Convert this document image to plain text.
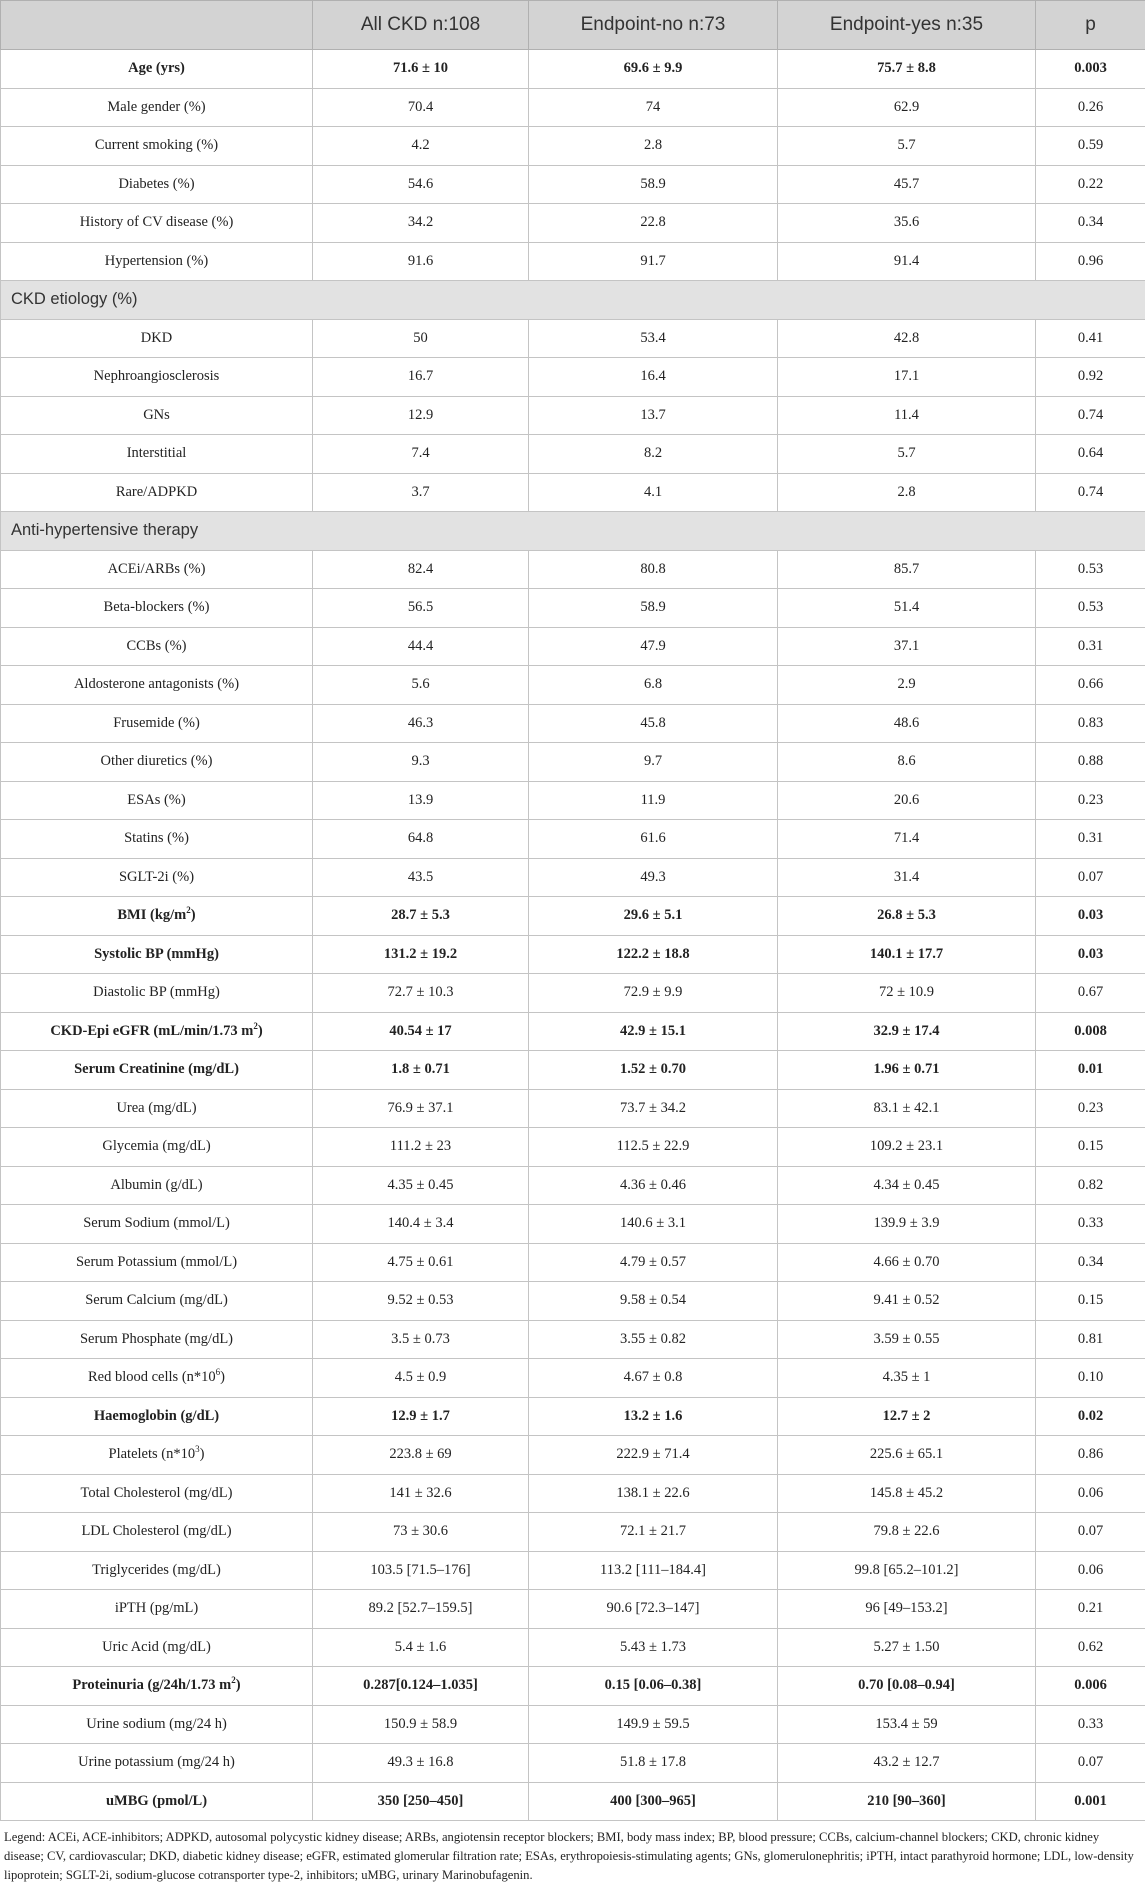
	All CKD n:108	Endpoint-no n:73	Endpoint-yes n:35	p
Age (yrs)	71.6 ± 10	69.6 ± 9.9	75.7 ± 8.8	0.003
Male gender (%)	70.4	74	62.9	0.26
Current smoking (%)	4.2	2.8	5.7	0.59
Diabetes (%)	54.6	58.9	45.7	0.22
History of CV disease (%)	34.2	22.8	35.6	0.34
Hypertension (%)	91.6	91.7	91.4	0.96
CKD etiology (%)				
DKD	50	53.4	42.8	0.41
Nephroangiosclerosis	16.7	16.4	17.1	0.92
GNs	12.9	13.7	11.4	0.74
Interstitial	7.4	8.2	5.7	0.64
Rare/ADPKD	3.7	4.1	2.8	0.74
Anti-hypertensive therapy				
ACEi/ARBs (%)	82.4	80.8	85.7	0.53
Beta-blockers (%)	56.5	58.9	51.4	0.53
CCBs (%)	44.4	47.9	37.1	0.31
Aldosterone antagonists (%)	5.6	6.8	2.9	0.66
Frusemide (%)	46.3	45.8	48.6	0.83
Other diuretics (%)	9.3	9.7	8.6	0.88
ESAs (%)	13.9	11.9	20.6	0.23
Statins (%)	64.8	61.6	71.4	0.31
SGLT-2i (%)	43.5	49.3	31.4	0.07
BMI $(kg/m^2)$	28.7 ± 5.3	29.6 ± 5.1	26.8 ± 5.3	0.03
Systolic BP (mmHg)	131.2 ± 19.2	122.2 ± 18.8	140.1 ± 17.7	0.03
Diastolic BP (mmHg)	72.7 ± 10.3	72.9 ± 9.9	72 ± 10.9	0.67
CKD-Epi eGFR (mL/min/1.73 $m^2$)	40.54 ± 17	42.9 ± 15.1	32.9 ± 17.4	0.008
Serum Creatinine (mg/dL)	1.8 ± 0.71	1.52 ± 0.70	1.96 ± 0.71	0.01
Urea (mg/dL)	76.9 ± 37.1	73.7 ± 34.2	83.1 ± 42.1	0.23
Glycemia (mg/dL)	111.2 ± 23	112.5 ± 22.9	109.2 ± 23.1	0.15
Albumin (g/dL)	4.35 ± 0.45	4.36 ± 0.46	4.34 ± 0.45	0.82
Serum Sodium (mmol/L)	140.4 ± 3.4	140.6 ± 3.1	139.9 ± 3.9	0.33
Serum Potassium (mmol/L)	4.75 ± 0.61	4.79 ± 0.57	4.66 ± 0.70	0.34
Serum Calcium (mg/dL)	9.52 ± 0.53	9.58 ± 0.54	9.41 ± 0.52	0.15
Serum Phosphate (mg/dL)	3.5 ± 0.73	3.55 ± 0.82	3.59 ± 0.55	0.81
Red blood cells $(n*10^6)$	4.5 ± 0.9	4.67 ± 0.8	4.35 ± 1	0.10
Haemoglobin (g/dL)	12.9 ± 1.7	13.2 ± 1.6	12.7 ± 2	0.02
Platelets $(n*10^3)$	223.8 ± 69	222.9 ± 71.4	225.6 ± 65.1	0.86
Total Cholesterol (mg/dL)	141 ± 32.6	138.1 ± 22.6	145.8 ± 45.2	0.06
LDL Cholesterol (mg/dL)	73 ± 30.6	72.1 ± 21.7	79.8 ± 22.6	0.07
Triglycerides (mg/dL)	103.5 [71.5–176]	113.2 [111–184.4]	99.8 [65.2–101.2]	0.06
iPTH (pg/mL)	89.2 [52.7–159.5]	90.6 [72.3–147]	96 [49–153.2]	0.21
Uric Acid (mg/dL)	5.4 ± 1.6	5.43 ± 1.73	5.27 ± 1.50	0.62
Proteinuria (g/24h/1.73 $m^2$)	0.287[0.124–1.035]	0.15 [0.06–0.38]	0.70 [0.08–0.94]	0.006
Urine sodium (mg/24 h)	150.9 ± 58.9	149.9 ± 59.5	153.4 ± 59	0.33
Urine potassium (mg/24 h)	49.3 ± 16.8	51.8 ± 17.8	43.2 ± 12.7	0.07
uMBG (pmol/L)	350 [250–450]	400 [300–965]	210 [90–360]	0.001
Legend: ACEi, ACE-inhibitors; ADPKD, autosomal polycystic kidney disease; ARBs, angiotensin receptor blockers; BMI, body mass index; BP, blood pressure; CCBs, calcium-channel blockers; CKD, chronic kidney disease; CV, cardiovascular; DKD, diabetic kidney disease; eGFR, estimated glomerular filtration rate; ESAs, erythropoiesis-stimulating agents; GNs, glomerulonephritis; iPTH, intact parathyroid hormone; LDL, low-density lipoprotein; SGLT-2i, sodium-glucose cotransporter type-2, inhibitors; uMBG, urinary Marinobufagenin.
